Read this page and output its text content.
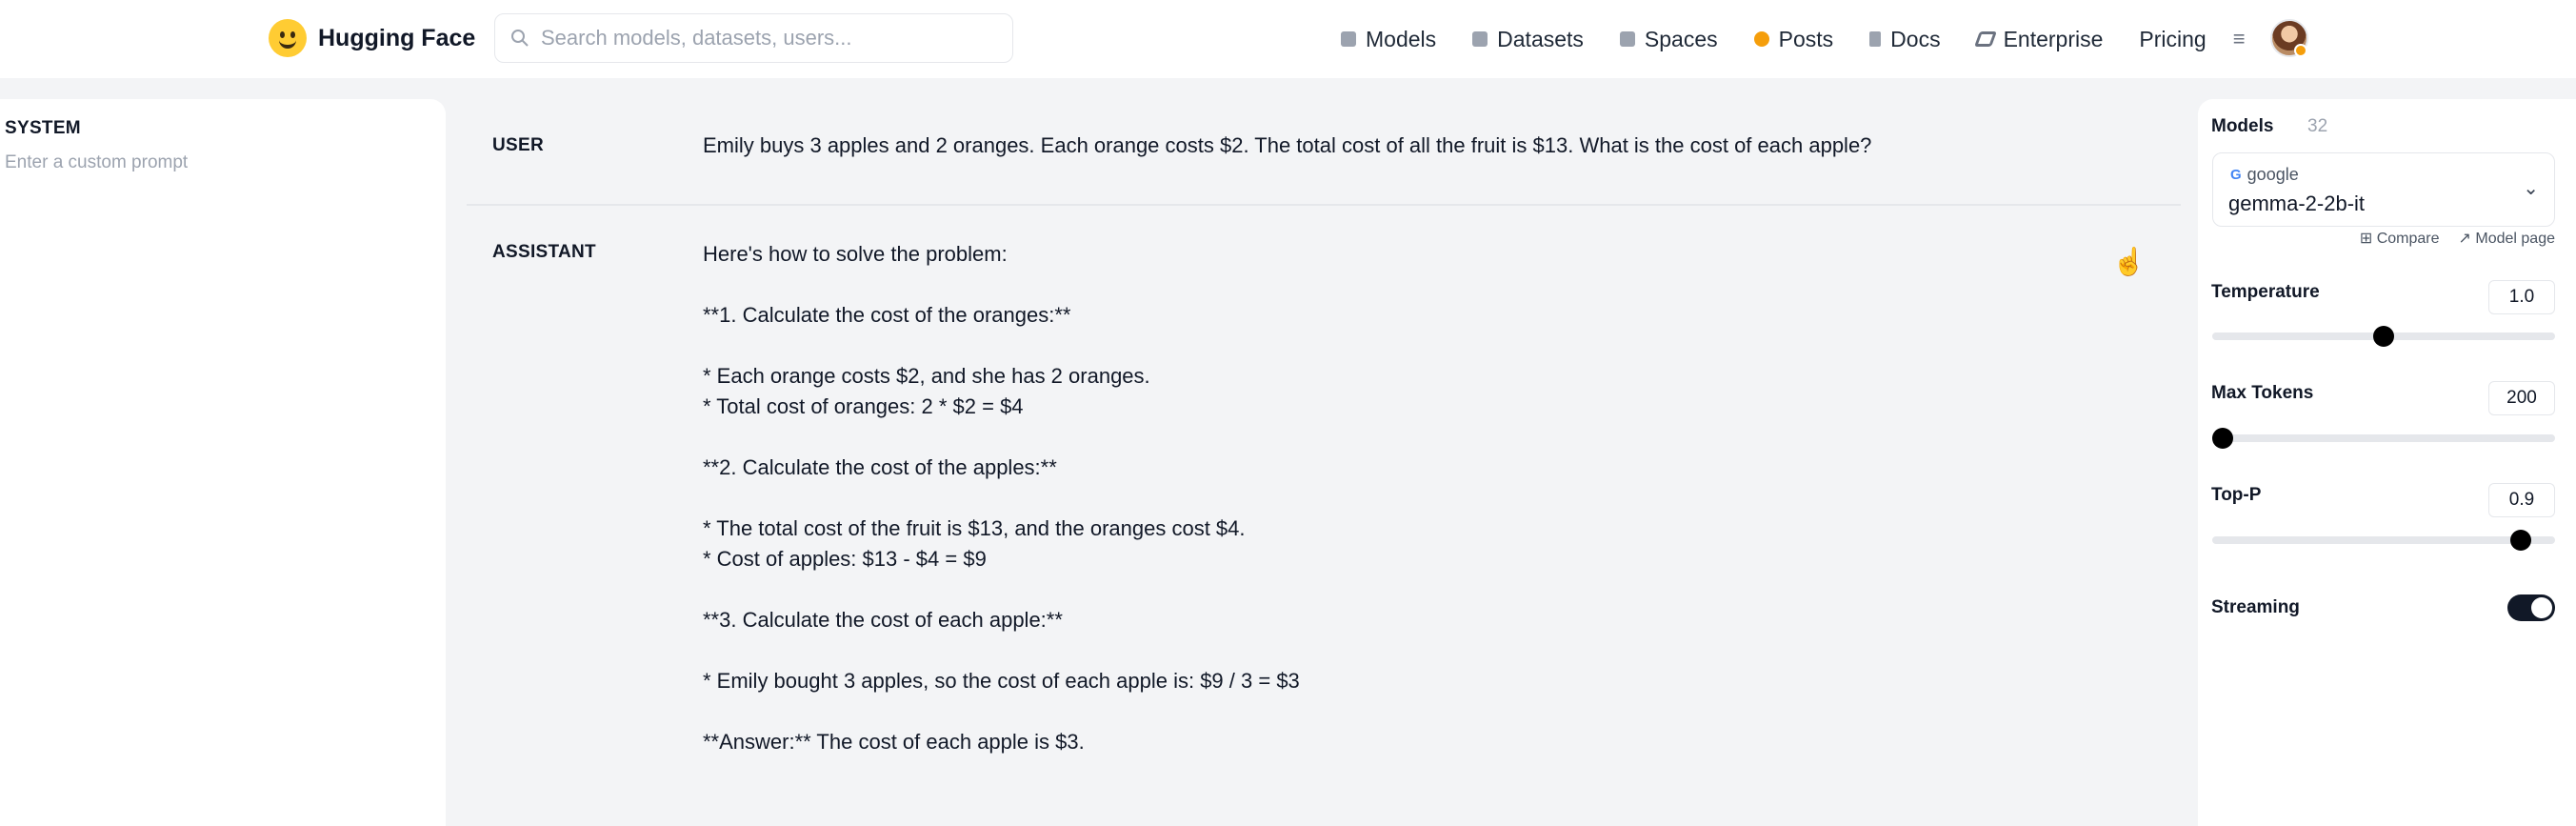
Hugging Face
Search models, datasets, users...	Models	Datasets	Spaces	Posts	Docs	Enterprise Pricing ≡
SYSTEM
Enter a custom prompt
USER	Emily buys 3 apples and 2 oranges. Each orange costs $2. The total cost of all the fruit is $13. What is the cost of each apple?
ASSISTANT	Here's how to solve the problem:
**1. Calculate the cost of the oranges:**
* Each orange costs $2, and she has 2 oranges.
* Total cost of oranges: 2 * $2 = $4
**2. Calculate the cost of the apples:**
* The total cost of the fruit is $13, and the oranges cost $4.
* Cost of apples: $13 - $4 = $9
**3. Calculate the cost of each apple:**
* Emily bought 3 apples, so the cost of each apple is: $9 / 3 = $3
**Answer:** The cost of each apple is $3.
☝
Models 32
G google
gemma-2-2b-it
⌄
⊞ Compare ↗ Model page
Temperature	1.0
Max Tokens	200
Top-P	0.9
Streaming
